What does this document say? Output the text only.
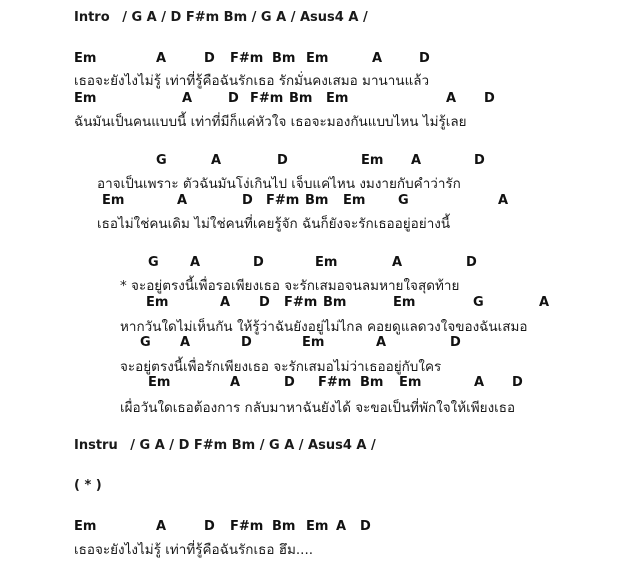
Intro / G A / D F#m Bm / G A / Asus4 A /
Em	A	D F#m Bm Em	A	D
เธอจะยังไงไม่รู้ เท่าที่รู้คือฉันรักเธอ รักมั่นคงเสมอ มานานแล้ว
Em	A	D F#m Bm Em	A D
ฉันมันเป็นคนแบบนี้ เท่าที่มีก็แค่หัวใจ เธอจะมองกันแบบไหน ไม่รู้เลย
G	A	D	Em A	D
อาจเป็นเพราะ ตัวฉันมันโง่เกินไป เจ็บแค่ไหน งมงายกับคำว่ารัก
Em	A	D F#m Bm Em	G	A
เธอไม่ใช่คนเดิม ไม่ใช่คนที่เคยรู้จัก ฉันก็ยังจะรักเธออยู่อย่างนี้
G A	D	Em	A	D
* จะอยู่ตรงนี้เพื่อรอเพียงเธอ จะรักเสมอจนลมหายใจสุดท้าย
Em	A D F#m Bm	Em	G	A
หากวันใดไม่เห็นกัน ให้รู้ว่าฉันยังอยู่ไม่ไกล คอยดูแลดวงใจของฉันเสมอ
G A	D	Em	A	D
จะอยู่ตรงนี้เพื่อรักเพียงเธอ จะรักเสมอไม่ว่าเธออยู่กับใคร
Em	A	D F#m Bm Em	A D
เผื่อวันใดเธอต้องการ กลับมาหาฉันยังได้ จะขอเป็นที่พักใจให้เพียงเธอ
Instru / G A / D F#m Bm / G A / Asus4 A /
( * )
Em	A	D F#m Bm Em A D
เธอจะยังไงไม่รู้ เท่าที่รู้คือฉันรักเธอ ฮึม....
